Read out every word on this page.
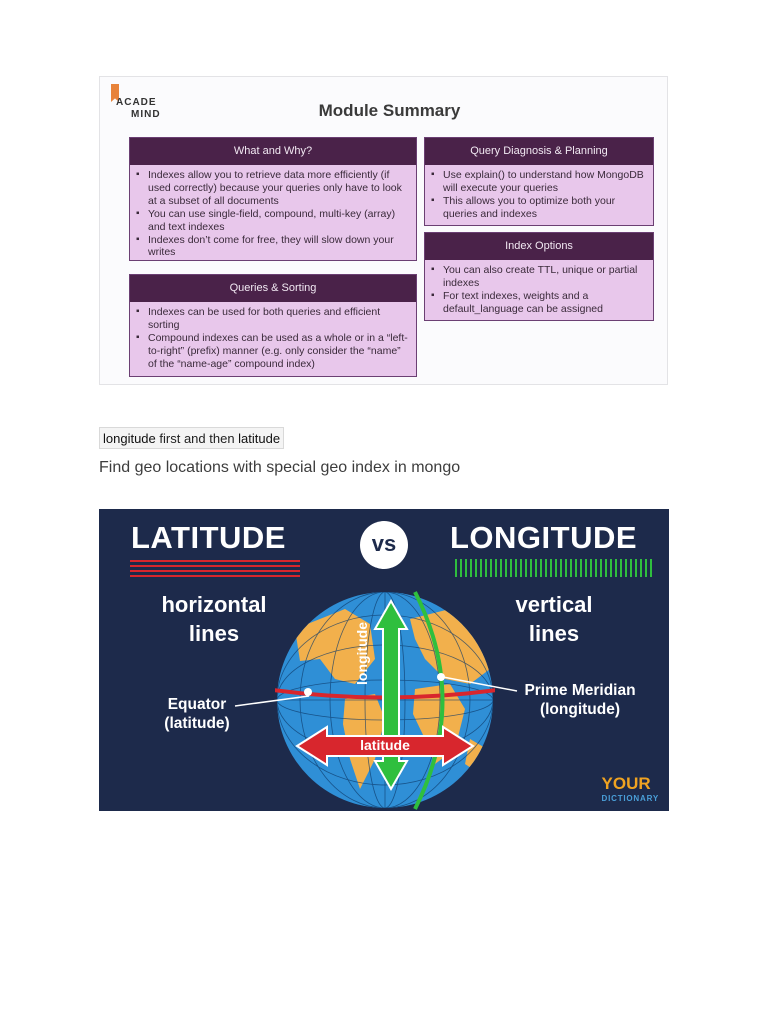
ACADE
MIND	Module Summary
What and Why?
▪ Indexes allow you to retrieve data more efficiently (if used correctly) because your queries only have to look at a subset of all documents
▪ You can use single-field, compound, multi-key (array) and text indexes
▪ Indexes don’t come for free, they will slow down your writes
Queries & Sorting
▪ Indexes can be used for both queries and efficient sorting
▪ Compound indexes can be used as a whole or in a “left-to-right” (prefix) manner (e.g. only consider the “name” of the “name-age” compound index)
Query Diagnosis & Planning
▪ Use explain() to understand how MongoDB will execute your queries
▪ This allows you to optimize both your queries and indexes
Index Options
▪ You can also create TTL, unique or partial indexes
▪ For text indexes, weights and a default_language can be assigned
longitude first and then latitude
Find geo locations with special geo index in mongo
LATITUDE	vs	LONGITUDE
horizontal
lines
vertical
lines
latitude
Equator
(latitude)
Prime Meridian
(longitude)
YOUR
DICTIONARY
